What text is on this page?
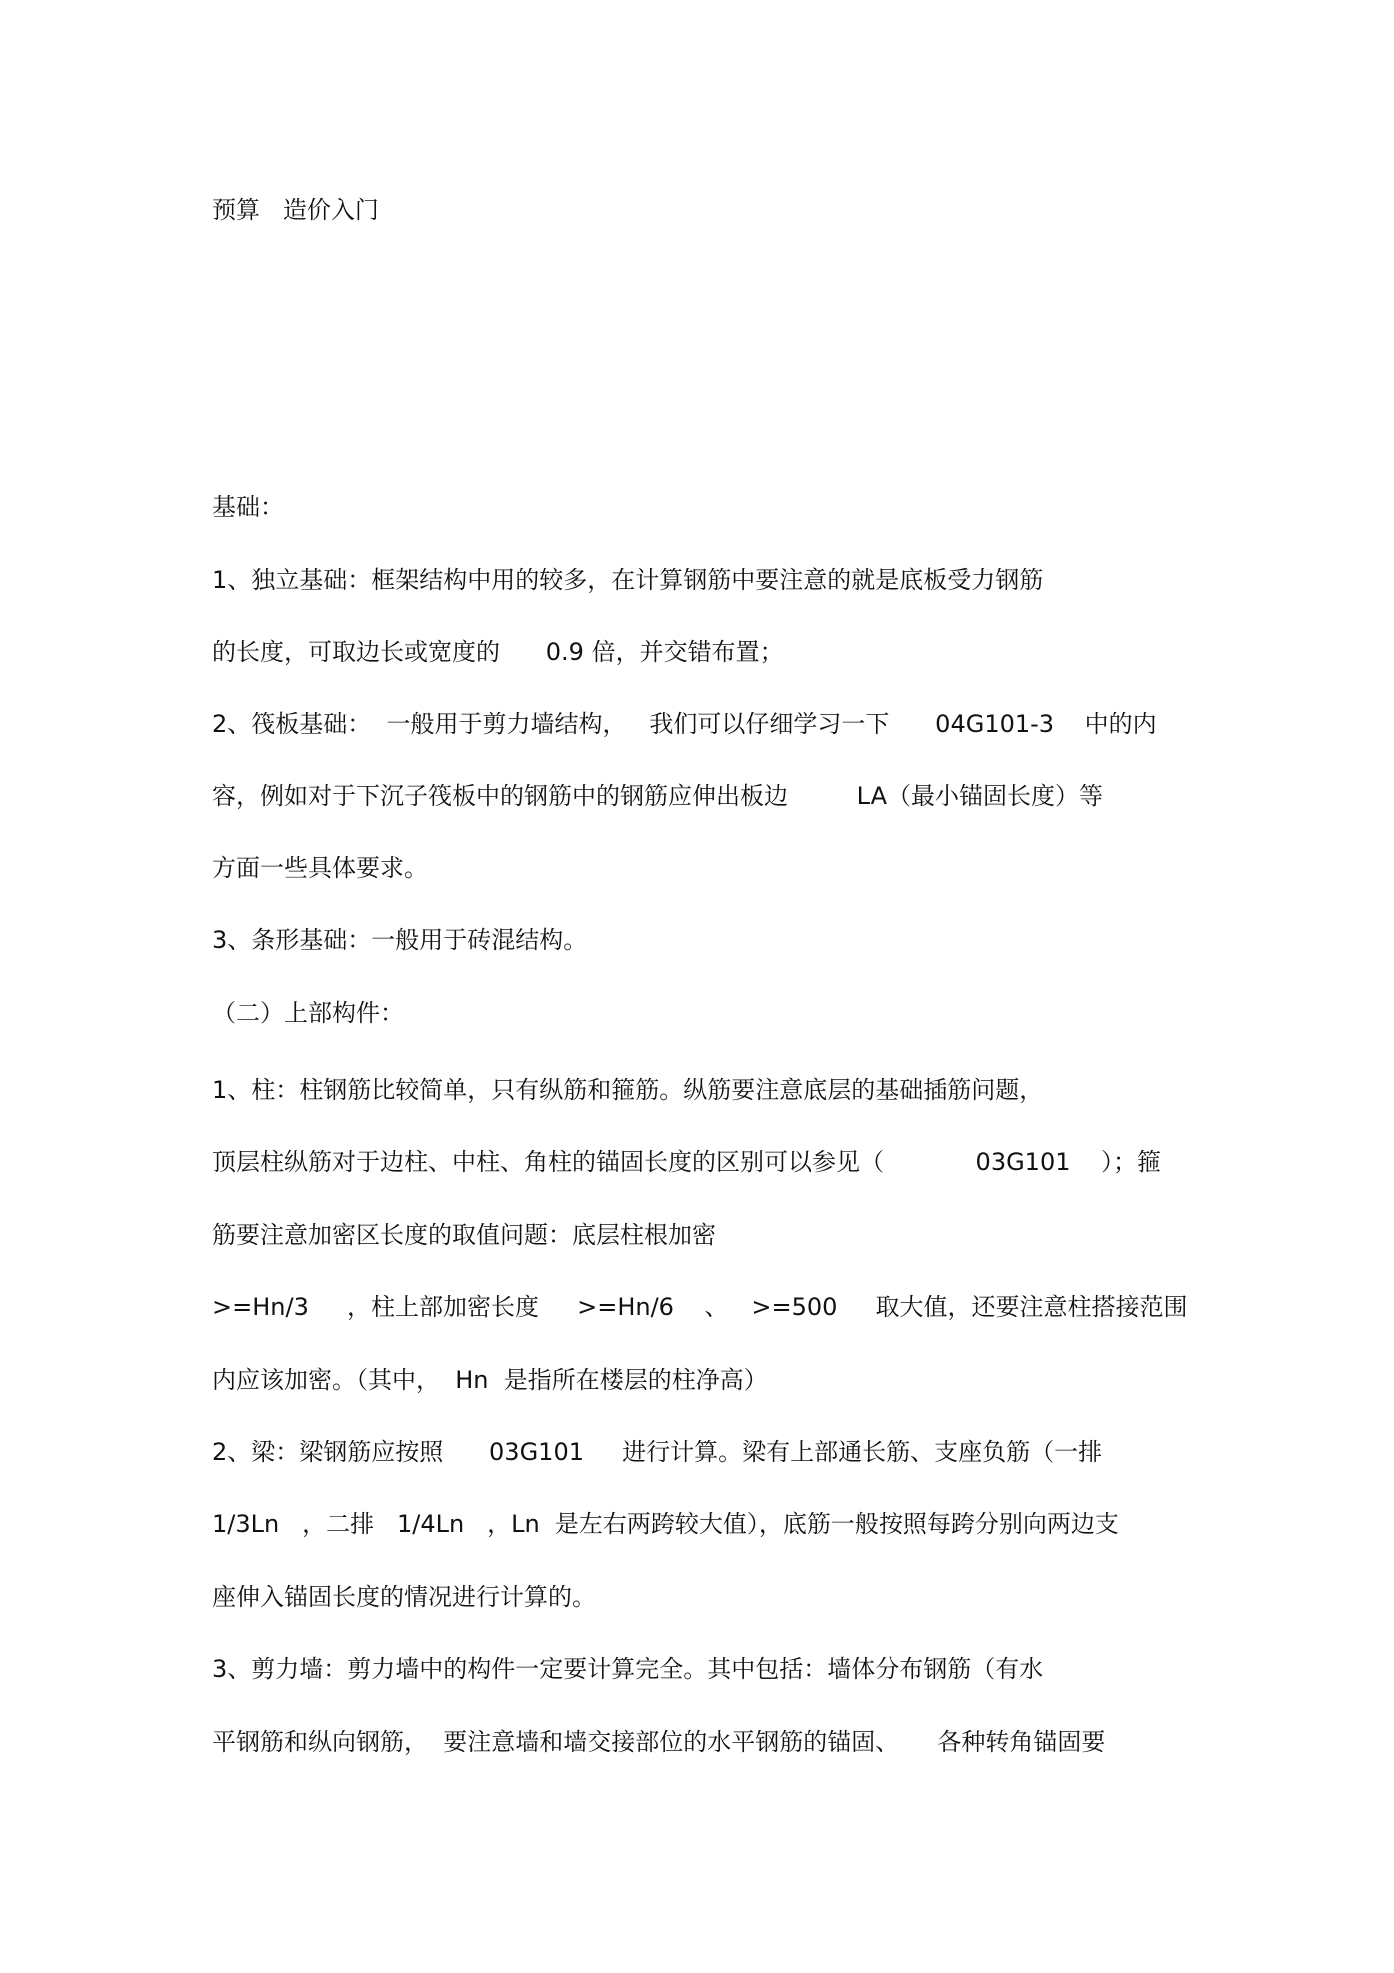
预算   造价入门
基础：
1、独立基础：框架结构中用的较多，在计算钢筋中要注意的就是底板受力钢筋
的长度，可取边长或宽度的      0.9 倍，并交错布置；
2、筏板基础：  一般用于剪力墙结构，   我们可以仔细学习一下      04G101-3    中的内
容，例如对于下沉子筏板中的钢筋中的钢筋应伸出板边         LA（最小锚固长度）等
方面一些具体要求。
3、条形基础：一般用于砖混结构。
（二）上部构件：
1、柱：柱钢筋比较简单，只有纵筋和箍筋。纵筋要注意底层的基础插筋问题，
顶层柱纵筋对于边柱、中柱、角柱的锚固长度的区别可以参见（            03G101    ）；箍
筋要注意加密区长度的取值问题：底层柱根加密
>=Hn/3     ，柱上部加密长度     >=Hn/6    、   >=500     取大值，还要注意柱搭接范围
内应该加密。（其中，  Hn  是指所在楼层的柱净高）
2、梁：梁钢筋应按照      03G101     进行计算。梁有上部通长筋、支座负筋（一排
1/3Ln   ，二排   1/4Ln   ，Ln  是左右两跨较大值），底筋一般按照每跨分别向两边支
座伸入锚固长度的情况进行计算的。
3、剪力墙：剪力墙中的构件一定要计算完全。其中包括：墙体分布钢筋（有水
平钢筋和纵向钢筋，  要注意墙和墙交接部位的水平钢筋的锚固、     各种转角锚固要
